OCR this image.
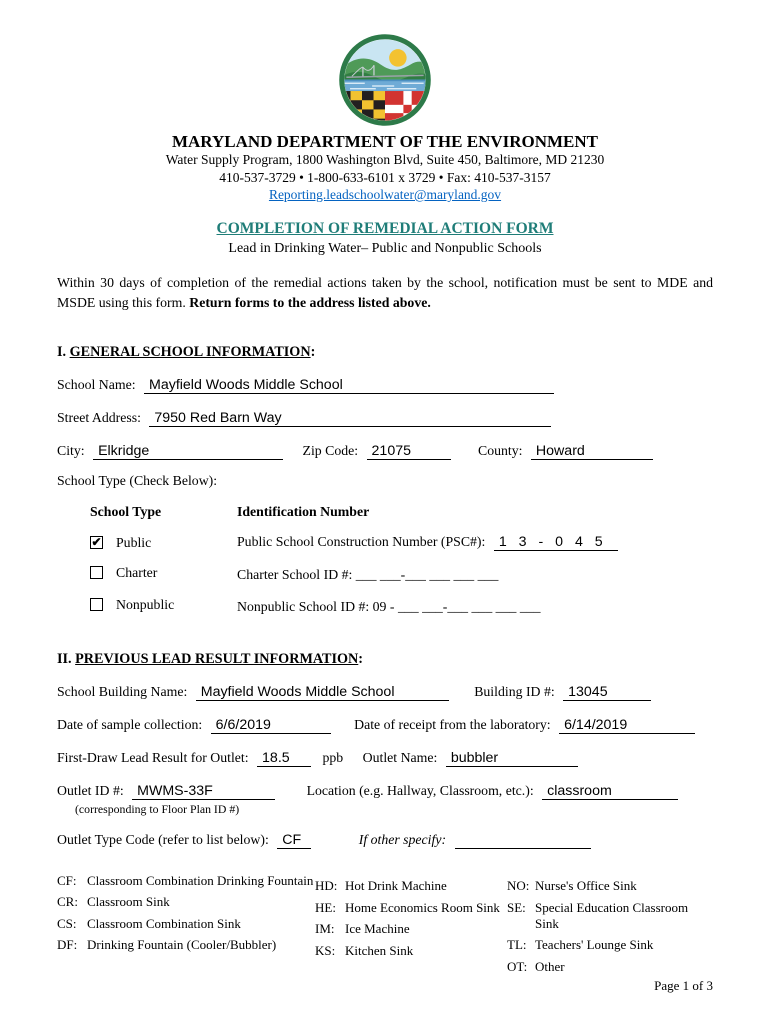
MARYLAND DEPARTMENT OF THE ENVIRONMENT
Water Supply Program, 1800 Washington Blvd, Suite 450, Baltimore, MD 21230
410-537-3729 • 1-800-633-6101 x 3729 • Fax: 410-537-3157
Reporting.leadschoolwater@maryland.gov
COMPLETION OF REMEDIAL ACTION FORM
Lead in Drinking Water– Public and Nonpublic Schools

Within 30 days of completion of the remedial actions taken by the school, notification must be sent to MDE and MSDE using this form. Return forms to the address listed above.

I. GENERAL SCHOOL INFORMATION:
School Name: Mayfield Woods Middle School
Street Address: 7950 Red Barn Way
City: Elkridge	Zip Code: 21075	County: Howard
School Type (Check Below):
School Type	Identification Number
✔ Public	Public School Construction Number (PSC#): 1 3 - 0 4 5
Charter	Charter School ID #: ___ ___-___ ___ ___ ___
Nonpublic	Nonpublic School ID #: 09 - ___ ___-___ ___ ___ ___
II. PREVIOUS LEAD RESULT INFORMATION:
School Building Name: Mayfield Woods Middle School	Building ID #: 13045
Date of sample collection: 6/6/2019	Date of receipt from the laboratory: 6/14/2019
First-Draw Lead Result for Outlet: 18.5 ppb Outlet Name: bubbler
Outlet ID #: MWMS-33F	Location (e.g. Hallway, Classroom, etc.): classroom
(corresponding to Floor Plan ID #)
Outlet Type Code (refer to list below): CF	If other specify:
CF: Classroom Combination Drinking Fountain
CR: Classroom Sink
CS: Classroom Combination Sink
DF: Drinking Fountain (Cooler/Bubbler)
HD: Hot Drink Machine
HE: Home Economics Room Sink
IM: Ice Machine
KS: Kitchen Sink
NO: Nurse's Office Sink
SE: Special Education Classroom Sink
TL: Teachers' Lounge Sink
OT: Other
Page 1 of 3
